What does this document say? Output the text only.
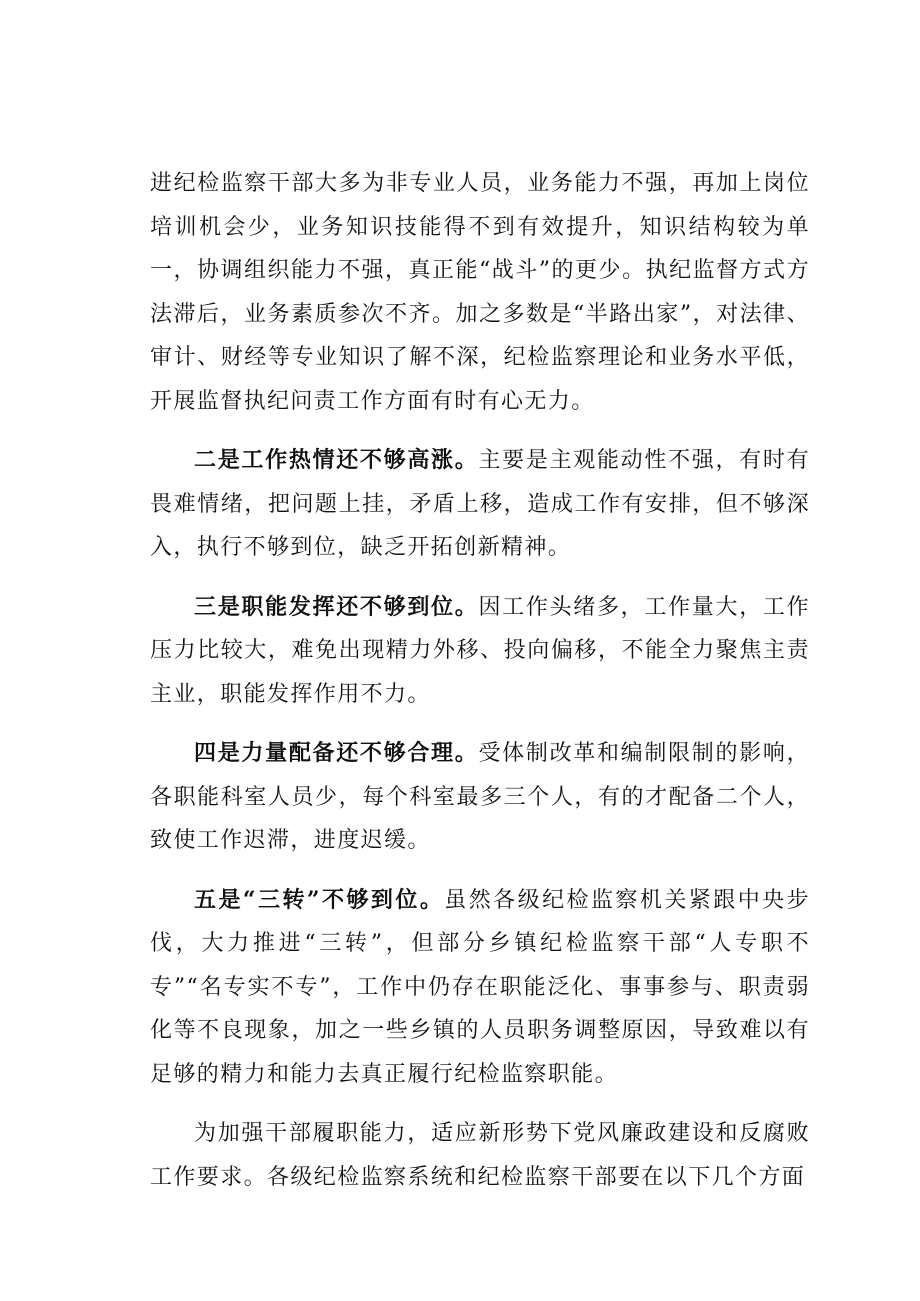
进纪检监察干部大多为非专业人员，业务能力不强，再加上岗位培训机会少，业务知识技能得不到有效提升，知识结构较为单一，协调组织能力不强，真正能“战斗”的更少。执纪监督方式方法滞后，业务素质参次不齐。加之多数是“半路出家”，对法律、审计、财经等专业知识了解不深，纪检监察理论和业务水平低，开展监督执纪问责工作方面有时有心无力。

二是工作热情还不够高涨。主要是主观能动性不强，有时有畏难情绪，把问题上挂，矛盾上移，造成工作有安排，但不够深入，执行不够到位，缺乏开拓创新精神。

三是职能发挥还不够到位。因工作头绪多，工作量大，工作压力比较大，难免出现精力外移、投向偏移，不能全力聚焦主责主业，职能发挥作用不力。

四是力量配备还不够合理。受体制改革和编制限制的影响，各职能科室人员少，每个科室最多三个人，有的才配备二个人，致使工作迟滞，进度迟缓。

五是“三转”不够到位。虽然各级纪检监察机关紧跟中央步伐，大力推进“三转”，但部分乡镇纪检监察干部“人专职不专”“名专实不专”，工作中仍存在职能泛化、事事参与、职责弱化等不良现象，加之一些乡镇的人员职务调整原因，导致难以有足够的精力和能力去真正履行纪检监察职能。

为加强干部履职能力，适应新形势下党风廉政建设和反腐败工作要求。各级纪检监察系统和纪检监察干部要在以下几个方面
